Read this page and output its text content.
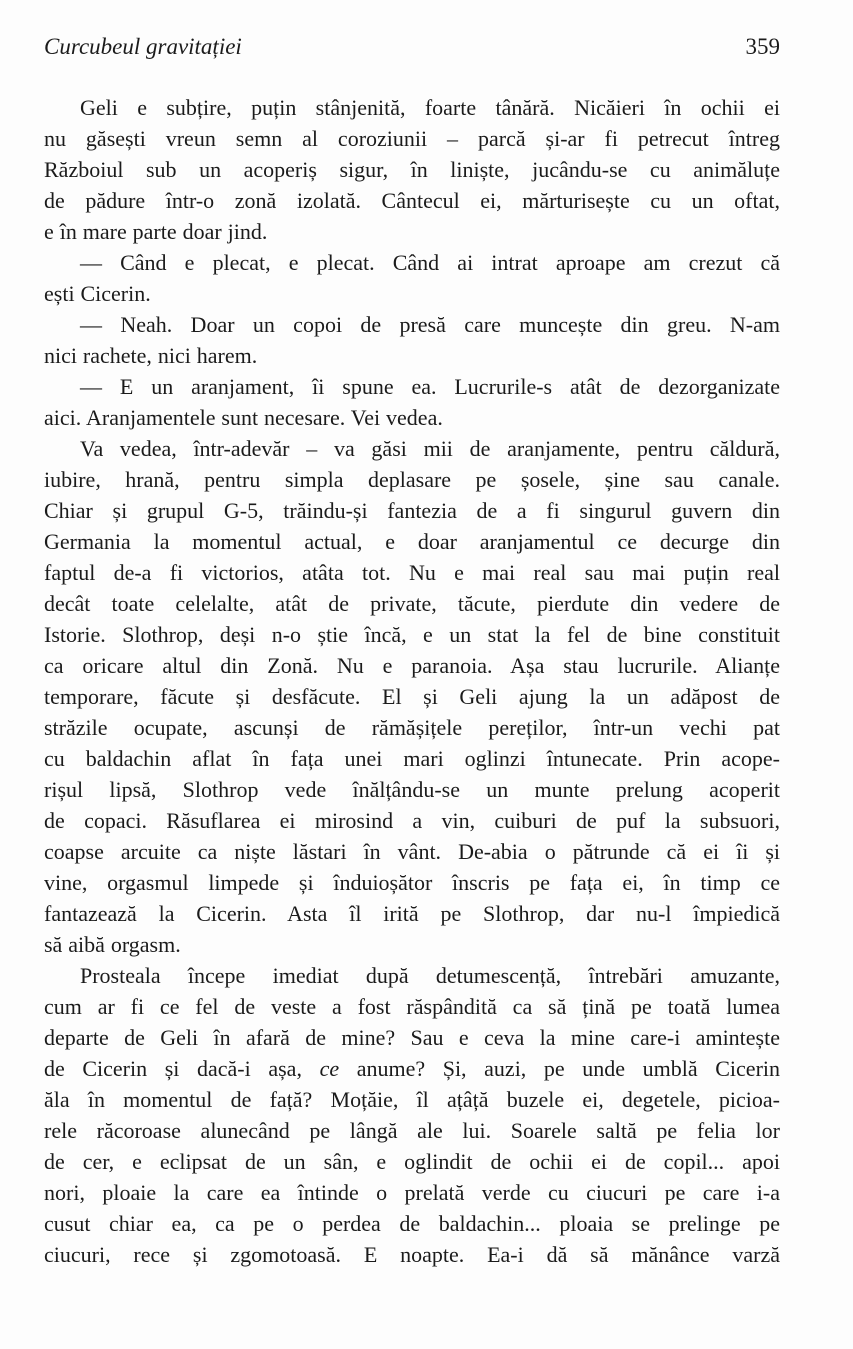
Curcubeul gravitației	359

Geli e subțire, puțin stânjenită, foarte tânără. Nicăieri în ochii ei
nu găsești vreun semn al coroziunii – parcă și-ar fi petrecut întreg
Războiul sub un acoperiș sigur, în liniște, jucându-se cu animăluțe
de pădure într-o zonă izolată. Cântecul ei, mărturisește cu un oftat,
e în mare parte doar jind.

— Când e plecat, e plecat. Când ai intrat aproape am crezut că
ești Cicerin.

— Neah. Doar un copoi de presă care muncește din greu. N-am
nici rachete, nici harem.

— E un aranjament, îi spune ea. Lucrurile-s atât de dezorganizate
aici. Aranjamentele sunt necesare. Vei vedea.

Va vedea, într-adevăr – va găsi mii de aranjamente, pentru căldură,
iubire, hrană, pentru simpla deplasare pe șosele, șine sau canale.
Chiar și grupul G-5, trăindu-și fantezia de a fi singurul guvern din
Germania la momentul actual, e doar aranjamentul ce decurge din
faptul de-a fi victorios, atâta tot. Nu e mai real sau mai puțin real
decât toate celelalte, atât de private, tăcute, pierdute din vedere de
Istorie. Slothrop, deși n-o știe încă, e un stat la fel de bine constituit
ca oricare altul din Zonă. Nu e paranoia. Așa stau lucrurile. Alianțe
temporare, făcute și desfăcute. El și Geli ajung la un adăpost de
străzile ocupate, ascunși de rămășițele pereților, într-un vechi pat
cu baldachin aflat în fața unei mari oglinzi întunecate. Prin acope-
rișul lipsă, Slothrop vede înălțându-se un munte prelung acoperit
de copaci. Răsuflarea ei mirosind a vin, cuiburi de puf la subsuori,
coapse arcuite ca niște lăstari în vânt. De-abia o pătrunde că ei îi și
vine, orgasmul limpede și înduioșător înscris pe fața ei, în timp ce
fantazează la Cicerin. Asta îl irită pe Slothrop, dar nu-l împiedică
să aibă orgasm.

Prosteala începe imediat după detumescență, întrebări amuzante,
cum ar fi ce fel de veste a fost răspândită ca să țină pe toată lumea
departe de Geli în afară de mine? Sau e ceva la mine care-i amintește
de Cicerin și dacă-i așa, ce anume? Și, auzi, pe unde umblă Cicerin
ăla în momentul de față? Moțăie, îl ațâță buzele ei, degetele, picioa-
rele răcoroase alunecând pe lângă ale lui. Soarele saltă pe felia lor
de cer, e eclipsat de un sân, e oglindit de ochii ei de copil... apoi
nori, ploaie la care ea întinde o prelată verde cu ciucuri pe care i-a
cusut chiar ea, ca pe o perdea de baldachin... ploaia se prelinge pe
ciucuri, rece și zgomotoasă. E noapte. Ea-i dă să mănânce varză
